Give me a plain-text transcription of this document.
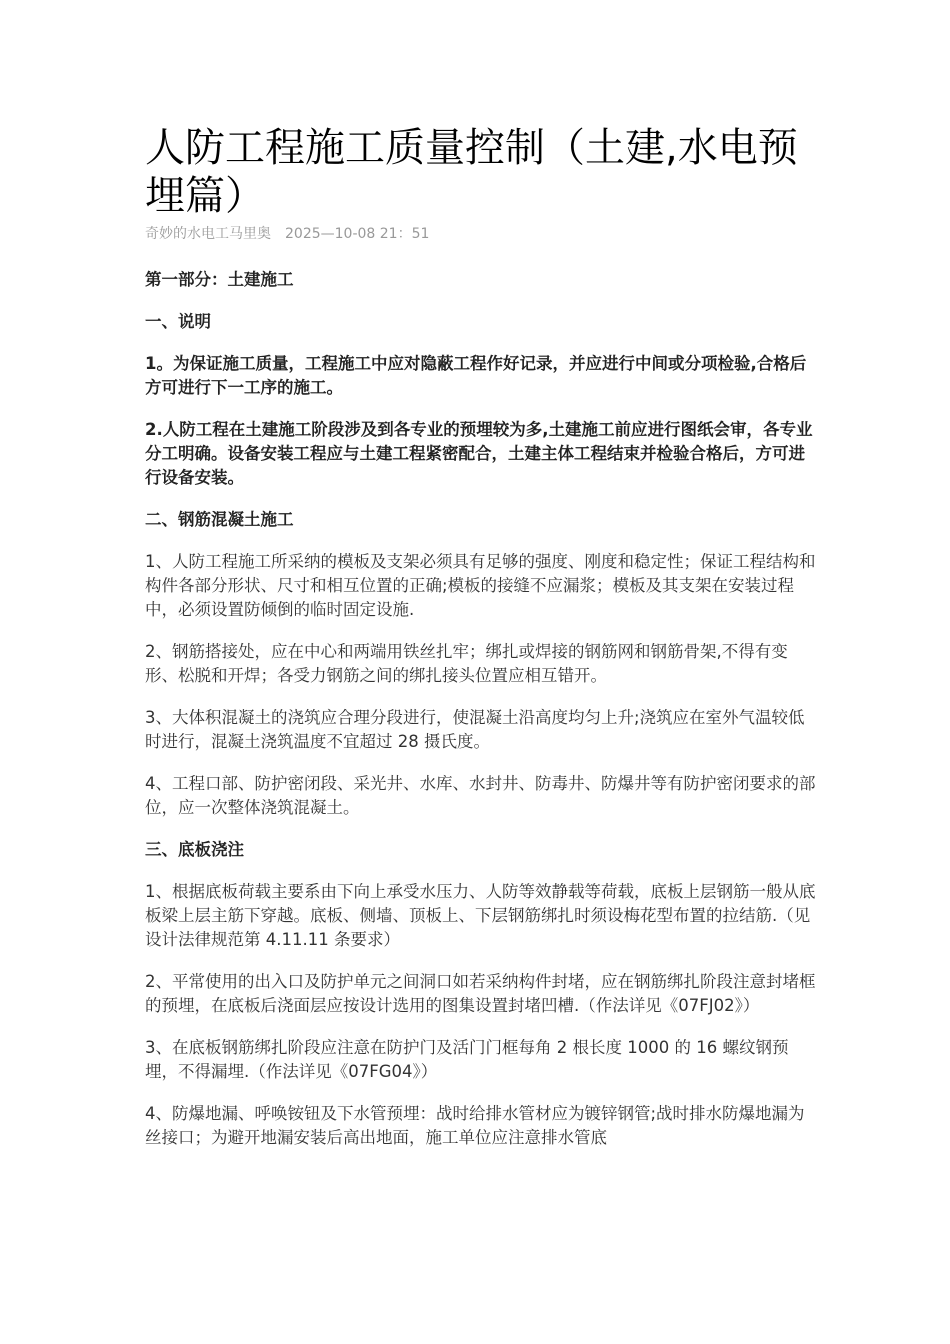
人防工程施工质量控制（土建,水电预埋篇）
奇妙的水电工马里奥 2025—10-08 21：51

第一部分：土建施工

一、说明

1。为保证施工质量，工程施工中应对隐蔽工程作好记录，并应进行中间或分项检验,合格后方可进行下一工序的施工。

2.人防工程在土建施工阶段涉及到各专业的预埋较为多,土建施工前应进行图纸会审，各专业分工明确。设备安装工程应与土建工程紧密配合，土建主体工程结束并检验合格后，方可进行设备安装。

二、钢筋混凝土施工

1、人防工程施工所采纳的模板及支架必须具有足够的强度、刚度和稳定性；保证工程结构和构件各部分形状、尺寸和相互位置的正确;模板的接缝不应漏浆；模板及其支架在安装过程中，必须设置防倾倒的临时固定设施.

2、钢筋搭接处，应在中心和两端用铁丝扎牢；绑扎或焊接的钢筋网和钢筋骨架,不得有变形、松脱和开焊；各受力钢筋之间的绑扎接头位置应相互错开。

3、大体积混凝土的浇筑应合理分段进行，使混凝土沿高度均匀上升;浇筑应在室外气温较低时进行，混凝土浇筑温度不宜超过 28 摄氏度。

4、工程口部、防护密闭段、采光井、水库、水封井、防毒井、防爆井等有防护密闭要求的部位，应一次整体浇筑混凝土。

三、底板浇注

1、根据底板荷载主要系由下向上承受水压力、人防等效静载等荷载，底板上层钢筋一般从底板梁上层主筋下穿越。底板、侧墙、顶板上、下层钢筋绑扎时须设梅花型布置的拉结筋.（见设计法律规范第 4.11.11 条要求）

2、平常使用的出入口及防护单元之间洞口如若采纳构件封堵，应在钢筋绑扎阶段注意封堵框的预埋，在底板后浇面层应按设计选用的图集设置封堵凹槽.（作法详见《07FJ02》）

3、在底板钢筋绑扎阶段应注意在防护门及活门门框每角 2 根长度 1000 的 16 螺纹钢预埋，不得漏埋.（作法详见《07FG04》）

4、防爆地漏、呼唤铵钮及下水管预埋：战时给排水管材应为镀锌钢管;战时排水防爆地漏为丝接口；为避开地漏安装后高出地面，施工单位应注意排水管底
